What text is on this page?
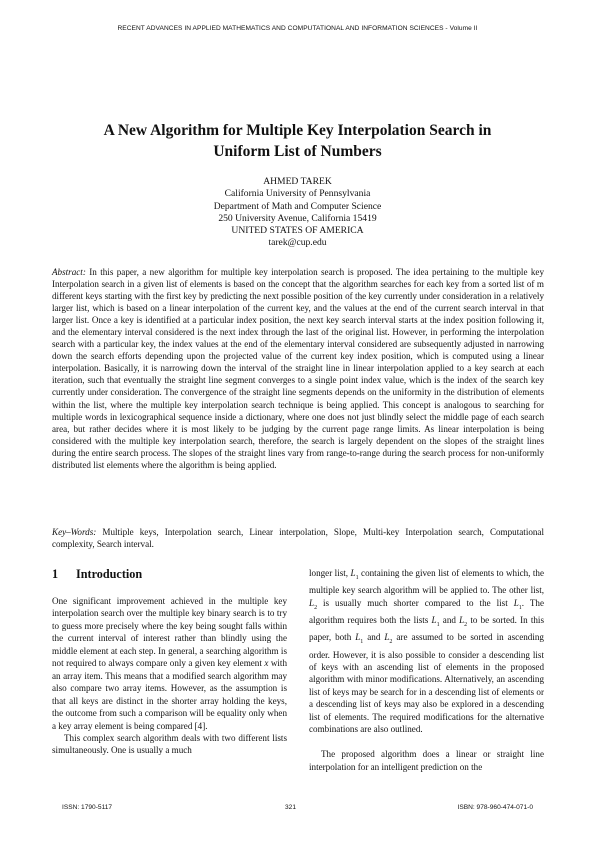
RECENT ADVANCES IN APPLIED MATHEMATICS AND COMPUTATIONAL AND INFORMATION SCIENCES - Volume II
A New Algorithm for Multiple Key Interpolation Search in
Uniform List of Numbers
AHMED TAREK
California University of Pennsylvania
Department of Math and Computer Science
250 University Avenue, California 15419
UNITED STATES OF AMERICA
tarek@cup.edu

Abstract: In this paper, a new algorithm for multiple key interpolation search is proposed. The idea pertaining to the multiple key Interpolation search in a given list of elements is based on the concept that the algorithm searches for each key from a sorted list of m different keys starting with the first key by predicting the next possible position of the key currently under consideration in a relatively larger list, which is based on a linear interpolation of the current key, and the values at the end of the current search interval in that larger list. Once a key is identified at a particular index position, the next key search interval starts at the index position following it, and the elementary interval considered is the next index through the last of the original list. However, in performing the interpolation search with a particular key, the index values at the end of the elementary interval considered are subsequently adjusted in narrowing down the search efforts depending upon the projected value of the current key index position, which is computed using a linear interpolation. Basically, it is narrowing down the interval of the straight line in linear interpolation applied to a key search at each iteration, such that eventually the straight line segment converges to a single point index value, which is the index of the search key currently under consideration. The convergence of the straight line segments depends on the uniformity in the distribution of elements within the list, where the multiple key interpolation search technique is being applied. This concept is analogous to searching for multiple words in lexicographical sequence inside a dictionary, where one does not just blindly select the middle page of each search area, but rather decides where it is most likely to be judging by the current page range limits. As linear interpolation is being considered with the multiple key interpolation search, therefore, the search is largely dependent on the slopes of the straight lines during the entire search process. The slopes of the straight lines vary from range-to-range during the search process for non-uniformly distributed list elements where the algorithm is being applied.

Key–Words: Multiple keys, Interpolation search, Linear interpolation, Slope, Multi-key Interpolation search, Computational complexity, Search interval.

1 Introduction

One significant improvement achieved in the multiple key interpolation search over the multiple key binary search is to try to guess more precisely where the key being sought falls within the current interval of interest rather than blindly using the middle element at each step. In general, a searching algorithm is not required to always compare only a given key element x with an array item. This means that a modified search algorithm may also compare two array items. However, as the assumption is that all keys are distinct in the shorter array holding the keys, the outcome from such a comparison will be equality only when a key array element is being compared [4].

This complex search algorithm deals with two different lists simultaneously. One is usually a much

longer list, $L_1$ containing the given list of elements to which, the multiple key search algorithm will be applied to. The other list, $L_2$ is usually much shorter compared to the list $L_1$. The algorithm requires both the lists $L_1$ and $L_2$ to be sorted. In this paper, both $L_1$ and $L_2$ are assumed to be sorted in ascending order. However, it is also possible to consider a descending list of keys with an ascending list of elements in the proposed algorithm with minor modifications. Alternatively, an ascending list of keys may be search for in a descending list of elements or a descending list of keys may also be explored in a descending list of elements. The required modifications for the alternative combinations are also outlined.

The proposed algorithm does a linear or straight line interpolation for an intelligent prediction on the

ISSN: 1790-5117	321	ISBN: 978-960-474-071-0
